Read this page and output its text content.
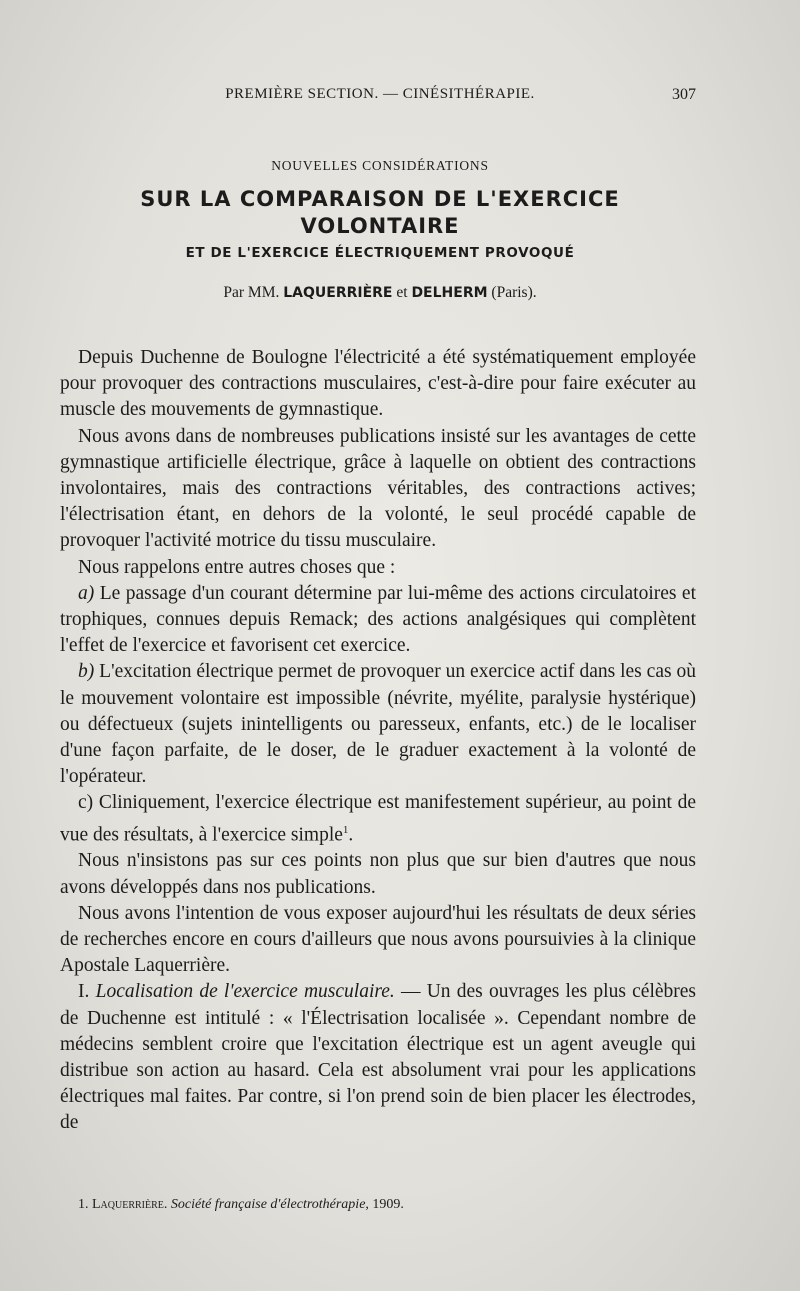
PREMIÈRE SECTION. — CINÉSITHÉRAPIE.	307
NOUVELLES CONSIDÉRATIONS
SUR LA COMPARAISON DE L'EXERCICE
VOLONTAIRE
ET DE L'EXERCICE ÉLECTRIQUEMENT PROVOQUÉ
Par MM. LAQUERRIÈRE et DELHERM (Paris).

Depuis Duchenne de Boulogne l'électricité a été systématiquement employée pour provoquer des contractions musculaires, c'est-à-dire pour faire exécuter au muscle des mouvements de gymnastique.

Nous avons dans de nombreuses publications insisté sur les avantages de cette gymnastique artificielle électrique, grâce à laquelle on obtient des contractions involontaires, mais des contractions véritables, des contractions actives; l'électrisation étant, en dehors de la volonté, le seul procédé capable de provoquer l'activité motrice du tissu musculaire.

Nous rappelons entre autres choses que :

a) Le passage d'un courant détermine par lui-même des actions circulatoires et trophiques, connues depuis Remack; des actions analgésiques qui complètent l'effet de l'exercice et favorisent cet exercice.

b) L'excitation électrique permet de provoquer un exercice actif dans les cas où le mouvement volontaire est impossible (névrite, myélite, paralysie hystérique) ou défectueux (sujets inintelligents ou paresseux, enfants, etc.) de le localiser d'une façon parfaite, de le doser, de le graduer exactement à la volonté de l'opérateur.

c) Cliniquement, l'exercice électrique est manifestement supérieur, au point de vue des résultats, à l'exercice simple$^1$.

Nous n'insistons pas sur ces points non plus que sur bien d'autres que nous avons développés dans nos publications.

Nous avons l'intention de vous exposer aujourd'hui les résultats de deux séries de recherches encore en cours d'ailleurs que nous avons poursuivies à la clinique Apostale Laquerrière.

I. Localisation de l'exercice musculaire. — Un des ouvrages les plus célèbres de Duchenne est intitulé : « l'Électrisation localisée ». Cependant nombre de médecins semblent croire que l'excitation électrique est un agent aveugle qui distribue son action au hasard. Cela est absolument vrai pour les applications électriques mal faites. Par contre, si l'on prend soin de bien placer les électrodes, de

1. Laquerrière. Société française d'électrothérapie, 1909.
